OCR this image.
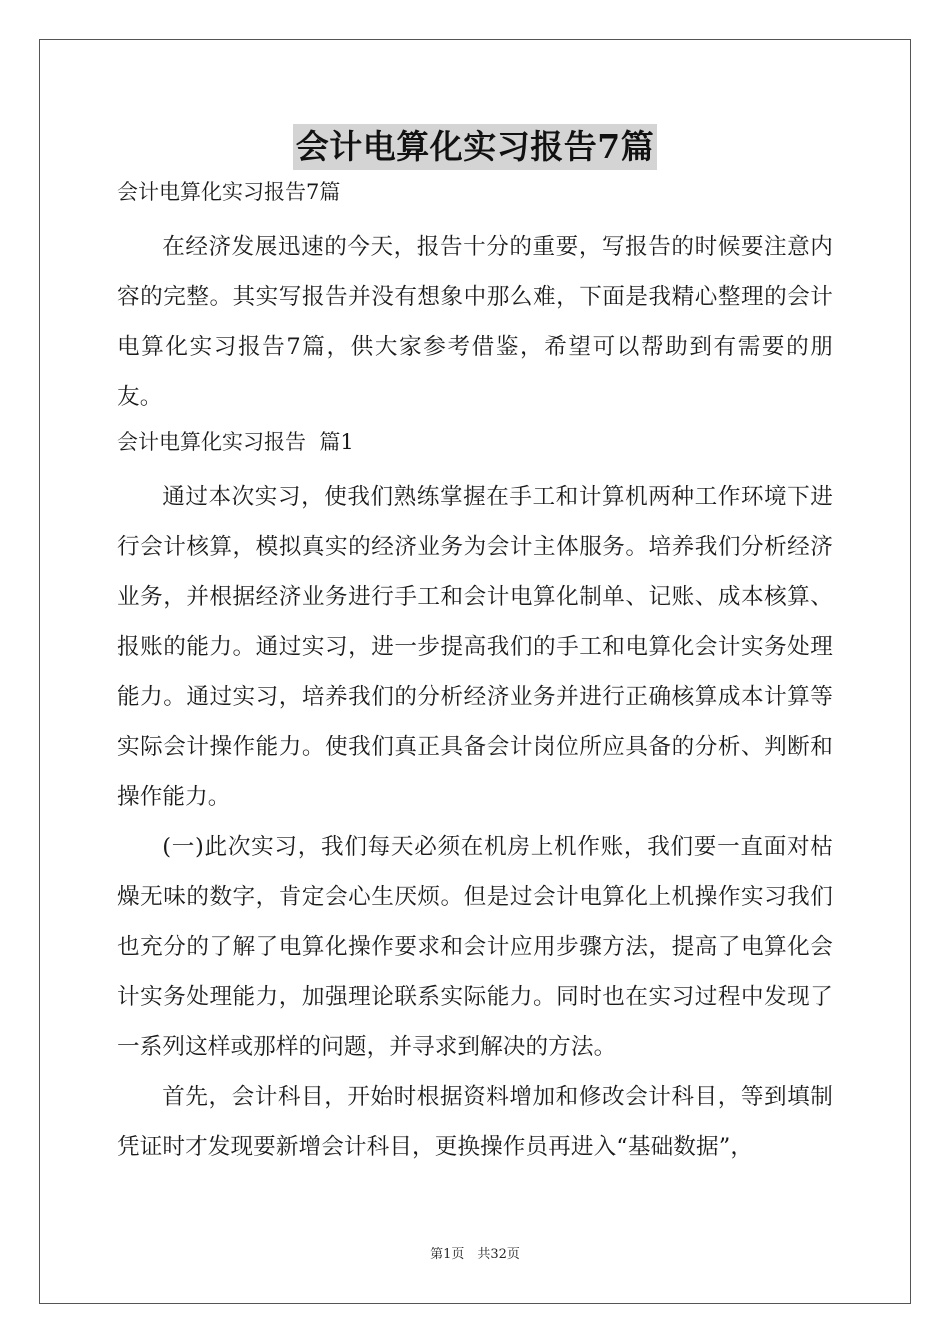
会计电算化实习报告7篇

会计电算化实习报告7篇

在经济发展迅速的今天，报告十分的重要，写报告的时候要注意内容的完整。其实写报告并没有想象中那么难，下面是我精心整理的会计电算化实习报告7篇，供大家参考借鉴，希望可以帮助到有需要的朋友。

会计电算化实习报告  篇1

通过本次实习，使我们熟练掌握在手工和计算机两种工作环境下进行会计核算，模拟真实的经济业务为会计主体服务。培养我们分析经济业务，并根据经济业务进行手工和会计电算化制单、记账、成本核算、报账的能力。通过实习，进一步提高我们的手工和电算化会计实务处理能力。通过实习，培养我们的分析经济业务并进行正确核算成本计算等实际会计操作能力。使我们真正具备会计岗位所应具备的分析、判断和操作能力。

(一)此次实习，我们每天必须在机房上机作账，我们要一直面对枯燥无味的数字，肯定会心生厌烦。但是过会计电算化上机操作实习我们也充分的了解了电算化操作要求和会计应用步骤方法，提高了电算化会计实务处理能力，加强理论联系实际能力。同时也在实习过程中发现了一系列这样或那样的问题，并寻求到解决的方法。

首先，会计科目，开始时根据资料增加和修改会计科目，等到填制凭证时才发现要新增会计科目，更换操作员再进入“基础数据”，

第1页　共32页
